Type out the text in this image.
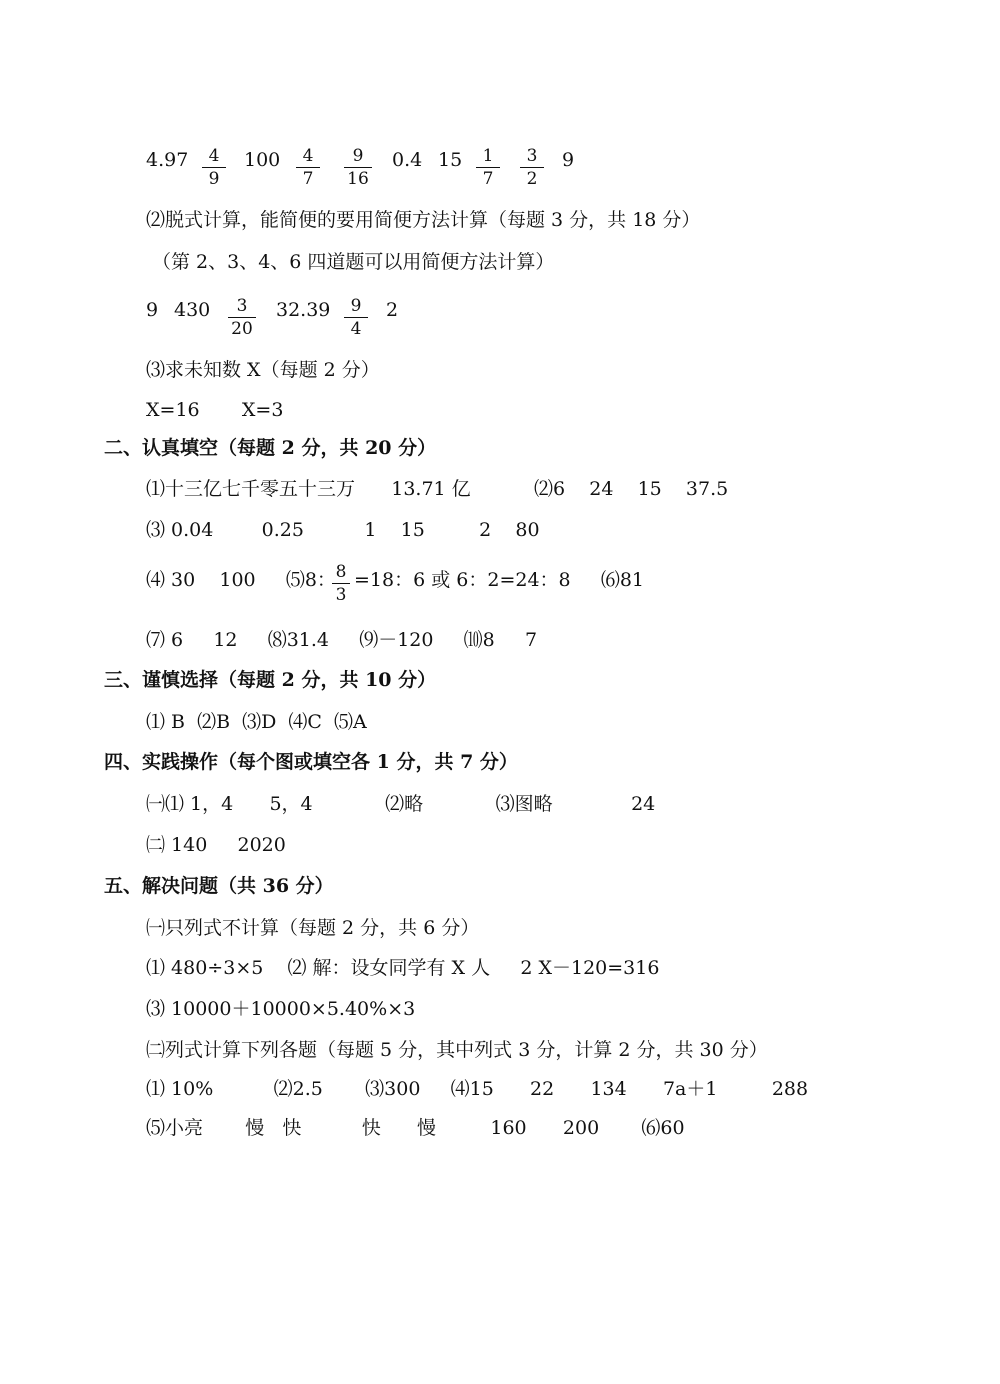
4.97	4
9
100	4
7
9
16
0.4 15	1
7
3
2
9
⑵脱式计算，能简便的要用简便方法计算（每题 3 分，共 18 分）
（第 2、3、4、6 四道题可以用简便方法计算）
9 430	3
20
32.39	9
4
2
⑶求未知数 X（每题 2 分）
X=16       X=3
二、认真填空（每题 2 分，共 20 分）
⑴十三亿七千零五十三万      13.71 亿	⑵6    24    15    37.5
⑶ 0.04        0.25          1    15         2    80
⑷ 30    100     ⑸8： 8
3
=18：6 或 6：2=24：8     ⑹81
⑺ 6     12     ⑻31.4     ⑼－120     ⑽8     7
三、谨慎选择（每题 2 分，共 10 分）
⑴ B  ⑵B  ⑶D  ⑷C  ⑸A
四、实践操作（每个图或填空各 1 分，共 7 分）
㈠⑴ 1，4      5，4            ⑵略            ⑶图略             24
㈡ 140     2020
五、解决问题（共 36 分）
㈠只列式不计算（每题 2 分，共 6 分）
⑴ 480÷3×5    ⑵ 解：设女同学有 X 人     2 X－120=316
⑶ 10000＋10000×5.40%×3
㈡列式计算下列各题（每题 5 分，其中列式 3 分，计算 2 分，共 30 分）
⑴ 10%          ⑵2.5       ⑶300     ⑷15      22      134      7a＋1         288
⑸小亮       慢   快          快      慢         160      200       ⑹60
